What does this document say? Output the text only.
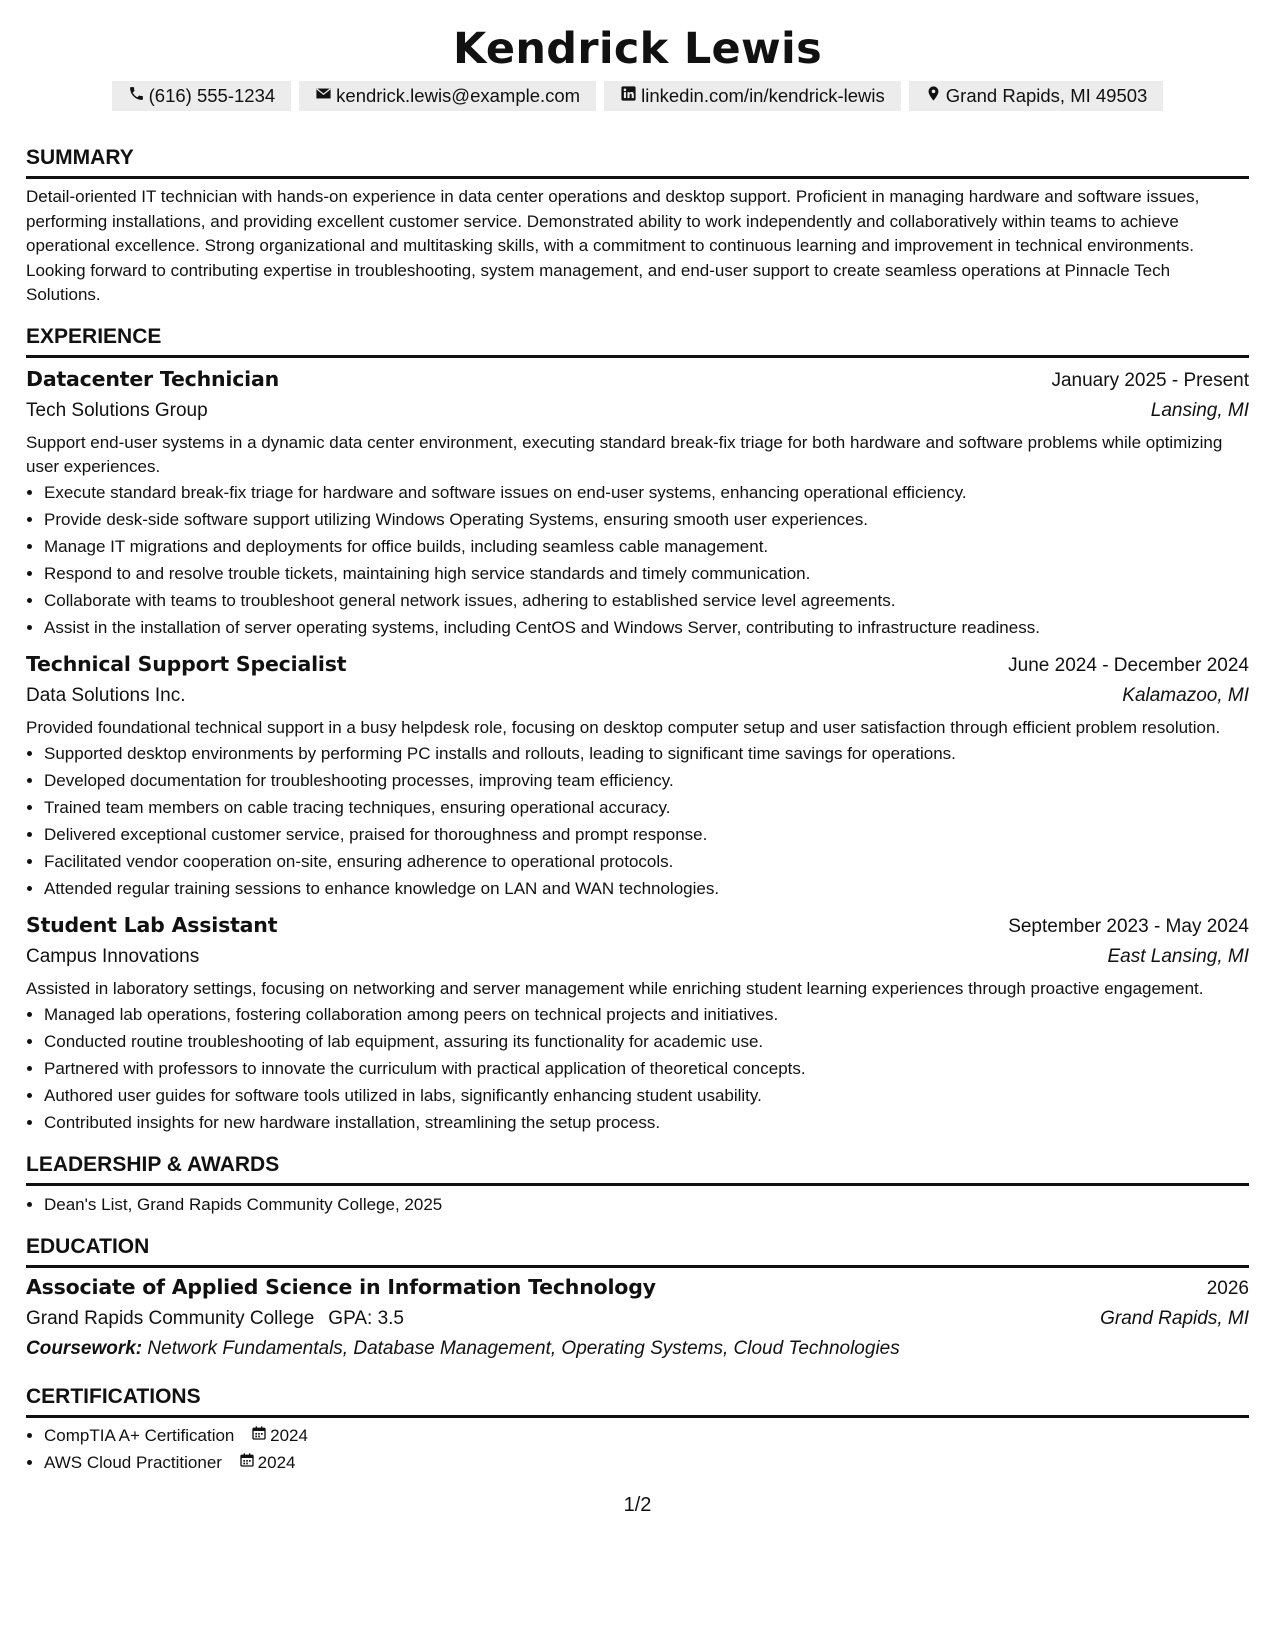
Kendrick Lewis
(616) 555-1234	kendrick.lewis@example.com	linkedin.com/in/kendrick-lewis	Grand Rapids, MI 49503
SUMMARY

Detail-oriented IT technician with hands-on experience in data center operations and desktop support. Proficient in managing hardware and software issues, performing installations, and providing excellent customer service. Demonstrated ability to work independently and collaboratively within teams to achieve operational excellence. Strong organizational and multitasking skills, with a commitment to continuous learning and improvement in technical environments. Looking forward to contributing expertise in troubleshooting, system management, and end-user support to create seamless operations at Pinnacle Tech Solutions.

EXPERIENCE
Datacenter Technician	January 2025 - Present
Tech Solutions Group	Lansing, MI

Support end-user systems in a dynamic data center environment, executing standard break-fix triage for both hardware and software problems while optimizing user experiences.

• Execute standard break-fix triage for hardware and software issues on end-user systems, enhancing operational efficiency.
• Provide desk-side software support utilizing Windows Operating Systems, ensuring smooth user experiences.
• Manage IT migrations and deployments for office builds, including seamless cable management.
• Respond to and resolve trouble tickets, maintaining high service standards and timely communication.
• Collaborate with teams to troubleshoot general network issues, adhering to established service level agreements.
• Assist in the installation of server operating systems, including CentOS and Windows Server, contributing to infrastructure readiness.
Technical Support Specialist	June 2024 - December 2024
Data Solutions Inc.	Kalamazoo, MI

Provided foundational technical support in a busy helpdesk role, focusing on desktop computer setup and user satisfaction through efficient problem resolution.

• Supported desktop environments by performing PC installs and rollouts, leading to significant time savings for operations.
• Developed documentation for troubleshooting processes, improving team efficiency.
• Trained team members on cable tracing techniques, ensuring operational accuracy.
• Delivered exceptional customer service, praised for thoroughness and prompt response.
• Facilitated vendor cooperation on-site, ensuring adherence to operational protocols.
• Attended regular training sessions to enhance knowledge on LAN and WAN technologies.
Student Lab Assistant	September 2023 - May 2024
Campus Innovations	East Lansing, MI

Assisted in laboratory settings, focusing on networking and server management while enriching student learning experiences through proactive engagement.

• Managed lab operations, fostering collaboration among peers on technical projects and initiatives.
• Conducted routine troubleshooting of lab equipment, assuring its functionality for academic use.
• Partnered with professors to innovate the curriculum with practical application of theoretical concepts.
• Authored user guides for software tools utilized in labs, significantly enhancing student usability.
• Contributed insights for new hardware installation, streamlining the setup process.
LEADERSHIP & AWARDS
• Dean's List, Grand Rapids Community College, 2025
EDUCATION
Associate of Applied Science in Information Technology	2026
Grand Rapids Community College GPA: 3.5	Grand Rapids, MI
Coursework: Network Fundamentals, Database Management, Operating Systems, Cloud Technologies
CERTIFICATIONS
• CompTIA A+ Certification 2024
• AWS Cloud Practitioner 2024
1/2
